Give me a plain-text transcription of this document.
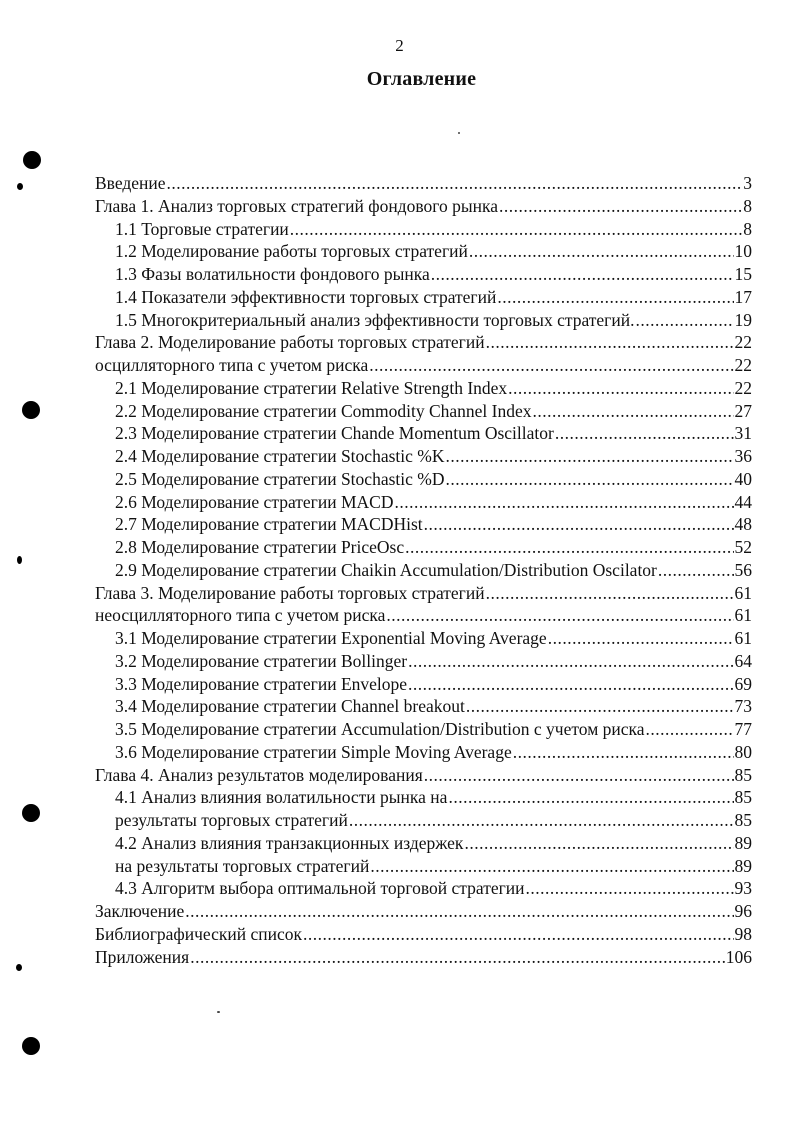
2
Оглавление
Введение .....	3
Глава 1. Анализ торговых стратегий фондового рынка .....	8
1.1 Торговые стратегии .....	8
1.2 Моделирование работы торговых стратегий .....	10
1.3 Фазы волатильности фондового рынка .....	15
1.4 Показатели эффективности торговых стратегий .....	17
1.5 Многокритериальный анализ эффективности торговых стратегий. .....	19
Глава 2. Моделирование работы торговых стратегий .....	22
осцилляторного типа с учетом риска .....	22
2.1 Моделирование стратегии Relative Strength Index .....	22
2.2 Моделирование стратегии Commodity Channel Index .....	27
2.3 Моделирование стратегии Chande Momentum Oscillator .....	31
2.4 Моделирование стратегии Stochastic %K .....	36
2.5 Моделирование стратегии Stochastic %D .....	40
2.6 Моделирование стратегии MACD .....	44
2.7 Моделирование стратегии MACDHist .....	48
2.8 Моделирование стратегии PriceOsc .....	52
2.9 Моделирование стратегии Chaikin Accumulation/Distribution Oscilator .....	56
Глава 3. Моделирование работы торговых стратегий .....	61
неосцилляторного типа с учетом риска .....	61
3.1 Моделирование стратегии Exponential Moving Average .....	61
3.2 Моделирование стратегии Bollinger .....	64
3.3 Моделирование стратегии Envelope .....	69
3.4 Моделирование стратегии Channel breakout .....	73
3.5 Моделирование стратегии Accumulation/Distribution с учетом риска .....	77
3.6 Моделирование стратегии Simple Moving Average .....	80
Глава 4. Анализ результатов моделирования .....	85
4.1 Анализ влияния волатильности рынка на .....	85
результаты торговых стратегий .....	85
4.2 Анализ влияния транзакционных издержек .....	89
на результаты торговых стратегий .....	89
4.3 Алгоритм выбора оптимальной торговой стратегии .....	93
Заключение .....	96
Библиографический список .....	98
Приложения .....	106
